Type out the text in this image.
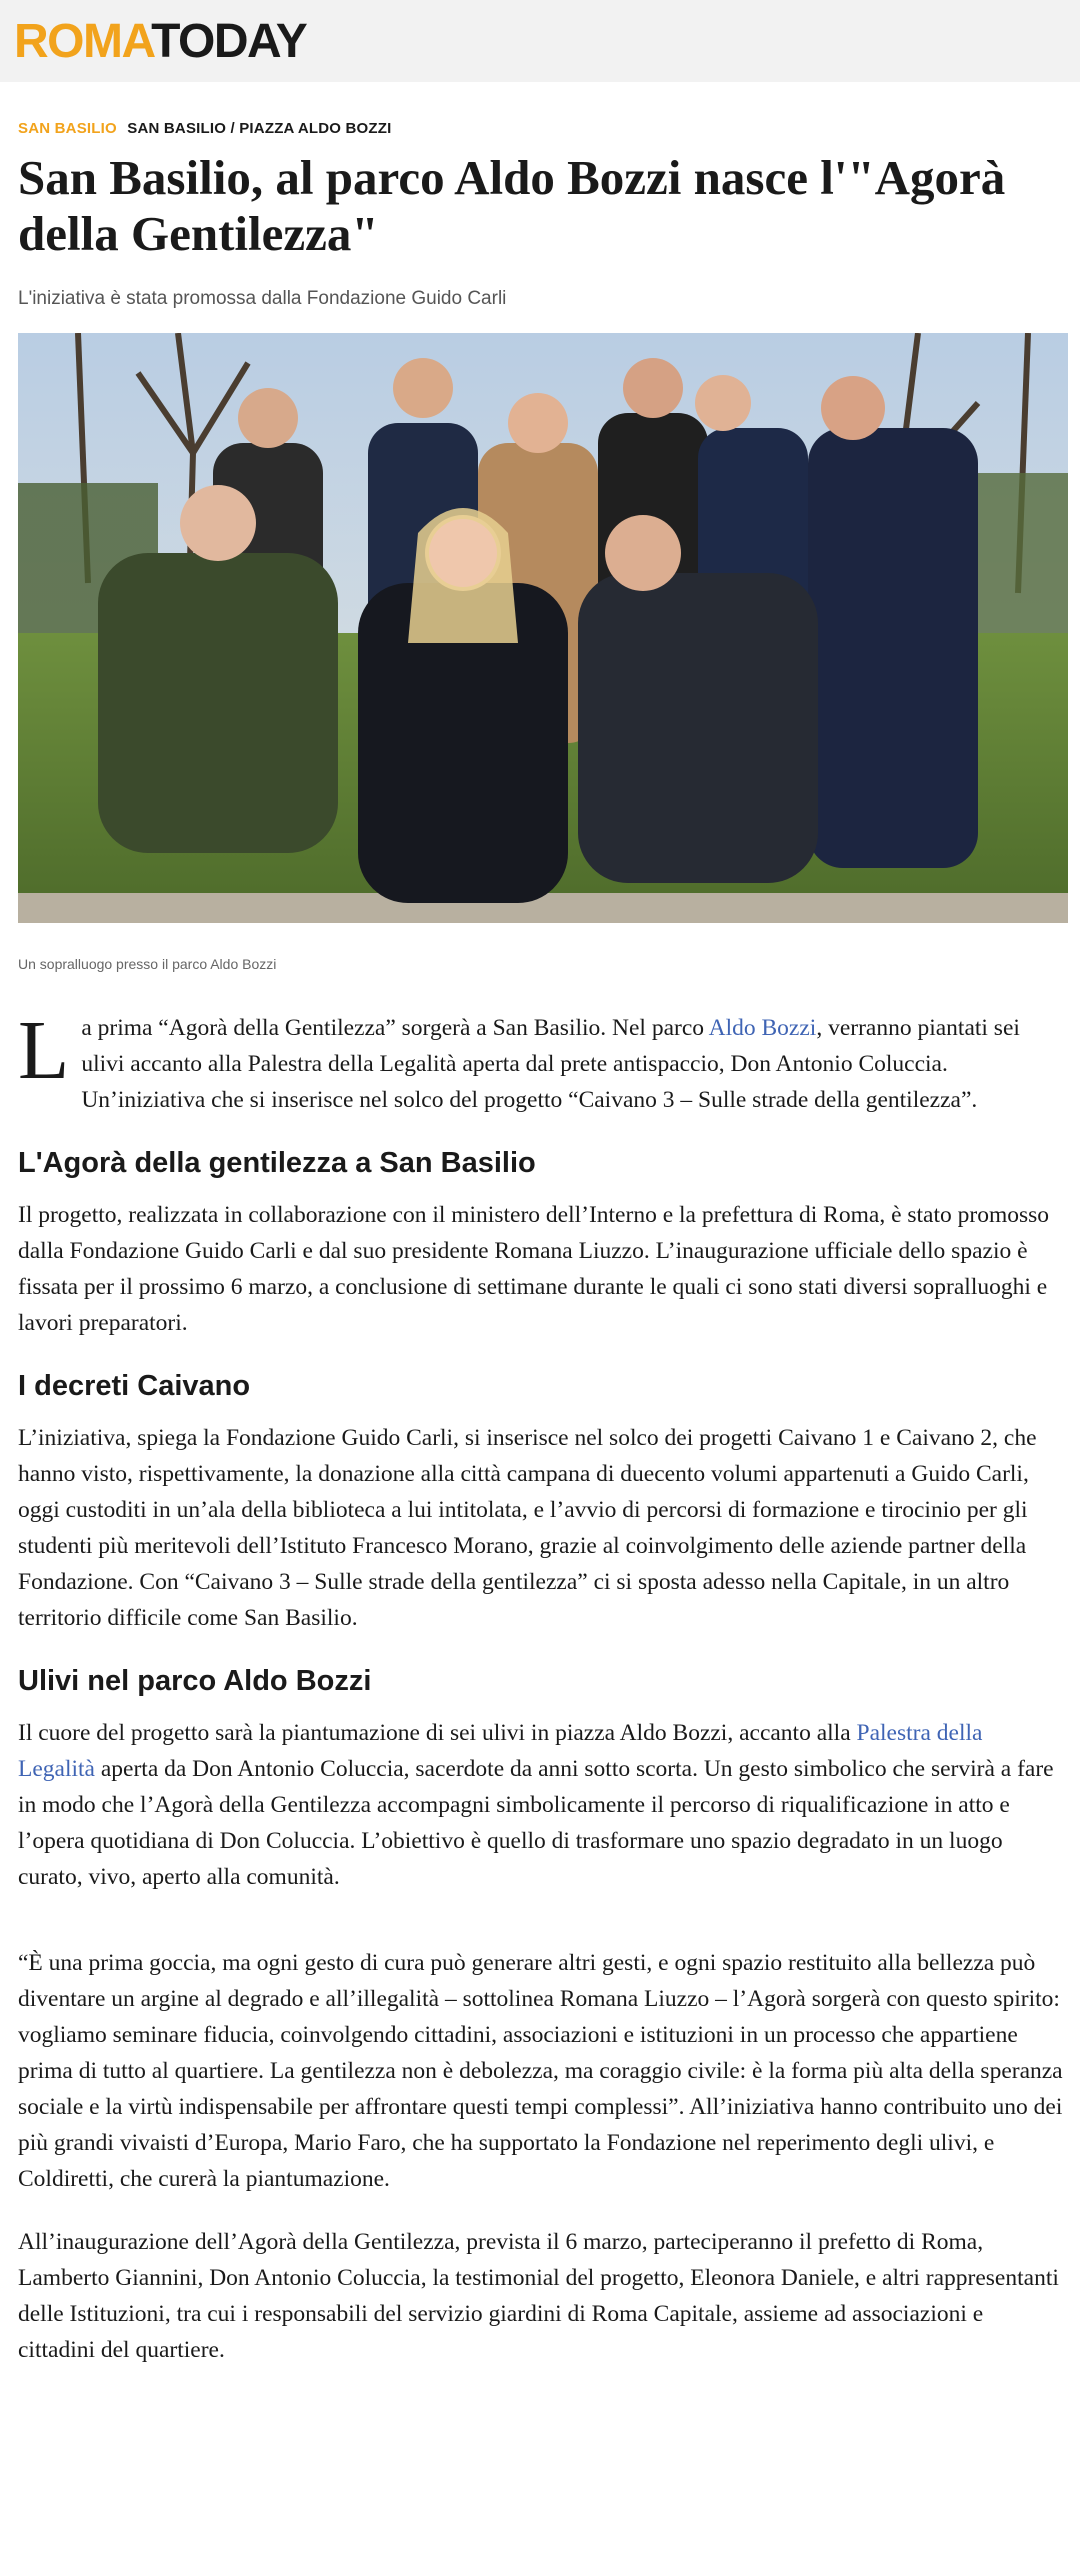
ROMATODAY
SAN BASILIO SAN BASILIO / PIAZZA ALDO BOZZI
San Basilio, al parco Aldo Bozzi nasce l'"Agorà della Gentilezza"
L'iniziativa è stata promossa dalla Fondazione Guido Carli
Un sopralluogo presso il parco Aldo Bozzi

La prima “Agorà della Gentilezza” sorgerà a San Basilio. Nel parco Aldo Bozzi, verranno piantati sei ulivi accanto alla Palestra della Legalità aperta dal prete antispaccio, Don Antonio Coluccia. Un’iniziativa che si inserisce nel solco del progetto “Caivano 3 – Sulle strade della gentilezza”.

L'Agorà della gentilezza a San Basilio

Il progetto, realizzata in collaborazione con il ministero dell’Interno e la prefettura di Roma, è stato promosso dalla Fondazione Guido Carli e dal suo presidente Romana Liuzzo. L’inaugurazione ufficiale dello spazio è fissata per il prossimo 6 marzo, a conclusione di settimane durante le quali ci sono stati diversi sopralluoghi e lavori preparatori.

I decreti Caivano

L’iniziativa, spiega la Fondazione Guido Carli, si inserisce nel solco dei progetti Caivano 1 e Caivano 2, che hanno visto, rispettivamente, la donazione alla città campana di duecento volumi appartenuti a Guido Carli, oggi custoditi in un’ala della biblioteca a lui intitolata, e l’avvio di percorsi di formazione e tirocinio per gli studenti più meritevoli dell’Istituto Francesco Morano, grazie al coinvolgimento delle aziende partner della Fondazione. Con “Caivano 3 – Sulle strade della gentilezza” ci si sposta adesso nella Capitale, in un altro territorio difficile come San Basilio.

Ulivi nel parco Aldo Bozzi

Il cuore del progetto sarà la piantumazione di sei ulivi in piazza Aldo Bozzi, accanto alla Palestra della Legalità aperta da Don Antonio Coluccia, sacerdote da anni sotto scorta. Un gesto simbolico che servirà a fare in modo che l’Agorà della Gentilezza accompagni simbolicamente il percorso di riqualificazione in atto e l’opera quotidiana di Don Coluccia. L’obiettivo è quello di trasformare uno spazio degradato in un luogo curato, vivo, aperto alla comunità.

“È una prima goccia, ma ogni gesto di cura può generare altri gesti, e ogni spazio restituito alla bellezza può diventare un argine al degrado e all’illegalità – sottolinea Romana Liuzzo – l’Agorà sorgerà con questo spirito: vogliamo seminare fiducia, coinvolgendo cittadini, associazioni e istituzioni in un processo che appartiene prima di tutto al quartiere. La gentilezza non è debolezza, ma coraggio civile: è la forma più alta della speranza sociale e la virtù indispensabile per affrontare questi tempi complessi”. All’iniziativa hanno contribuito uno dei più grandi vivaisti d’Europa, Mario Faro, che ha supportato la Fondazione nel reperimento degli ulivi, e Coldiretti, che curerà la piantumazione.

All’inaugurazione dell’Agorà della Gentilezza, prevista il 6 marzo, parteciperanno il prefetto di Roma, Lamberto Giannini, Don Antonio Coluccia, la testimonial del progetto, Eleonora Daniele, e altri rappresentanti delle Istituzioni, tra cui i responsabili del servizio giardini di Roma Capitale, assieme ad associazioni e cittadini del quartiere.
